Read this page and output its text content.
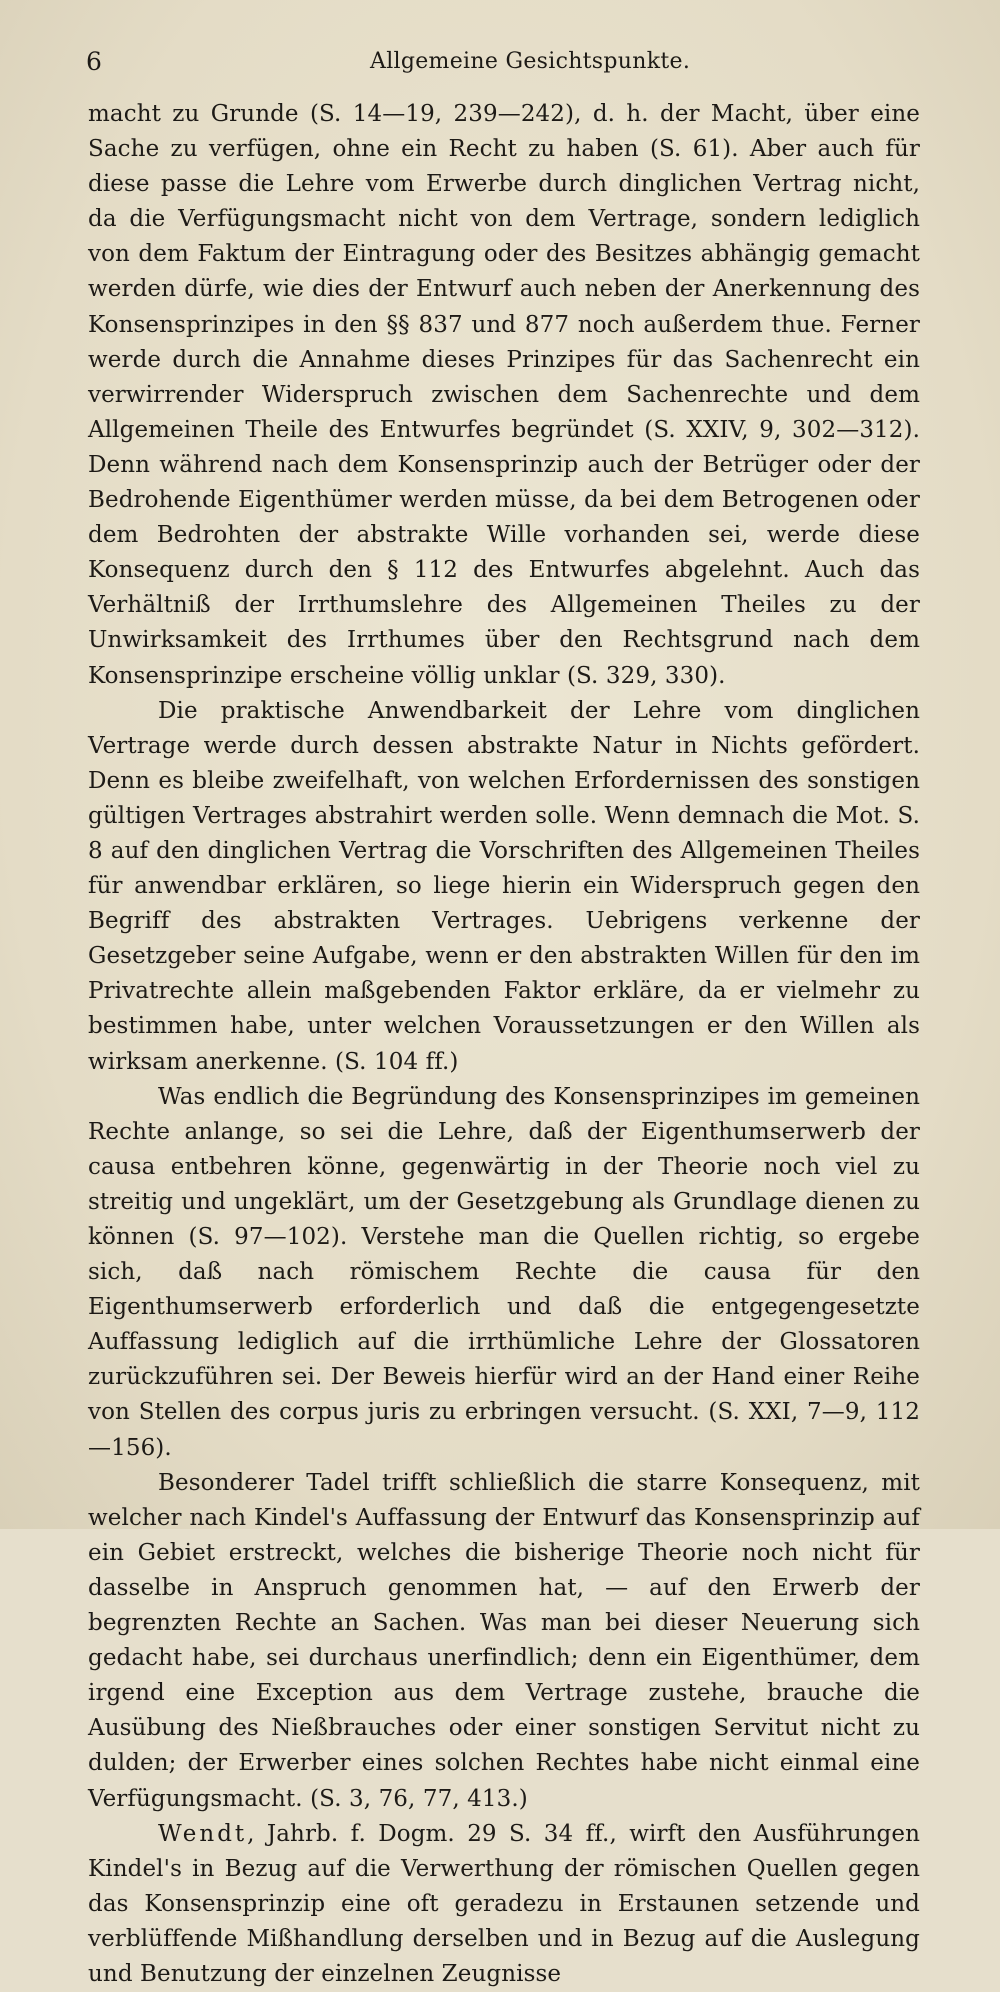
6	Allgemeine Gesichtspunkte.

macht zu Grunde (S. 14—19, 239—242), d. h. der Macht, über eine Sache zu verfügen, ohne ein Recht zu haben (S. 61). Aber auch für diese passe die Lehre vom Erwerbe durch dinglichen Vertrag nicht, da die Verfügungsmacht nicht von dem Vertrage, sondern lediglich von dem Faktum der Eintragung oder des Besitzes abhängig gemacht werden dürfe, wie dies der Entwurf auch neben der Anerkennung des Konsensprinzipes in den §§ 837 und 877 noch außerdem thue. Ferner werde durch die Annahme dieses Prinzipes für das Sachenrecht ein verwirrender Widerspruch zwischen dem Sachenrechte und dem Allgemeinen Theile des Entwurfes begründet (S. XXIV, 9, 302—312). Denn während nach dem Konsensprinzip auch der Betrüger oder der Bedrohende Eigenthümer werden müsse, da bei dem Betrogenen oder dem Bedrohten der abstrakte Wille vorhanden sei, werde diese Konsequenz durch den § 112 des Entwurfes abgelehnt. Auch das Verhältniß der Irrthumslehre des Allgemeinen Theiles zu der Unwirksamkeit des Irrthumes über den Rechtsgrund nach dem Konsensprinzipe erscheine völlig unklar (S. 329, 330).

Die praktische Anwendbarkeit der Lehre vom dinglichen Vertrage werde durch dessen abstrakte Natur in Nichts gefördert. Denn es bleibe zweifelhaft, von welchen Erfordernissen des sonstigen gültigen Vertrages abstrahirt werden solle. Wenn demnach die Mot. S. 8 auf den dinglichen Vertrag die Vorschriften des Allgemeinen Theiles für anwendbar erklären, so liege hierin ein Widerspruch gegen den Begriff des abstrakten Vertrages. Uebrigens verkenne der Gesetzgeber seine Aufgabe, wenn er den abstrakten Willen für den im Privatrechte allein maßgebenden Faktor erkläre, da er vielmehr zu bestimmen habe, unter welchen Voraussetzungen er den Willen als wirksam anerkenne. (S. 104 ff.)

Was endlich die Begründung des Konsensprinzipes im gemeinen Rechte anlange, so sei die Lehre, daß der Eigenthumserwerb der causa entbehren könne, gegenwärtig in der Theorie noch viel zu streitig und ungeklärt, um der Gesetzgebung als Grundlage dienen zu können (S. 97—102). Verstehe man die Quellen richtig, so ergebe sich, daß nach römischem Rechte die causa für den Eigenthumserwerb erforderlich und daß die entgegengesetzte Auffassung lediglich auf die irrthümliche Lehre der Glossatoren zurückzuführen sei. Der Beweis hierfür wird an der Hand einer Reihe von Stellen des corpus juris zu erbringen versucht. (S. XXI, 7—9, 112—156).

Besonderer Tadel trifft schließlich die starre Konsequenz, mit welcher nach Kindel's Auffassung der Entwurf das Konsensprinzip auf ein Gebiet erstreckt, welches die bisherige Theorie noch nicht für dasselbe in Anspruch genommen hat, — auf den Erwerb der begrenzten Rechte an Sachen. Was man bei dieser Neuerung sich gedacht habe, sei durchaus unerfindlich; denn ein Eigenthümer, dem irgend eine Exception aus dem Vertrage zustehe, brauche die Ausübung des Nießbrauches oder einer sonstigen Servitut nicht zu dulden; der Erwerber eines solchen Rechtes habe nicht einmal eine Verfügungsmacht. (S. 3, 76, 77, 413.)

Wendt, Jahrb. f. Dogm. 29 S. 34 ff., wirft den Ausführungen Kindel's in Bezug auf die Verwerthung der römischen Quellen gegen das Konsensprinzip eine oft geradezu in Erstaunen setzende und verblüffende Mißhandlung derselben und in Bezug auf die Auslegung und Benutzung der einzelnen Zeugnisse
